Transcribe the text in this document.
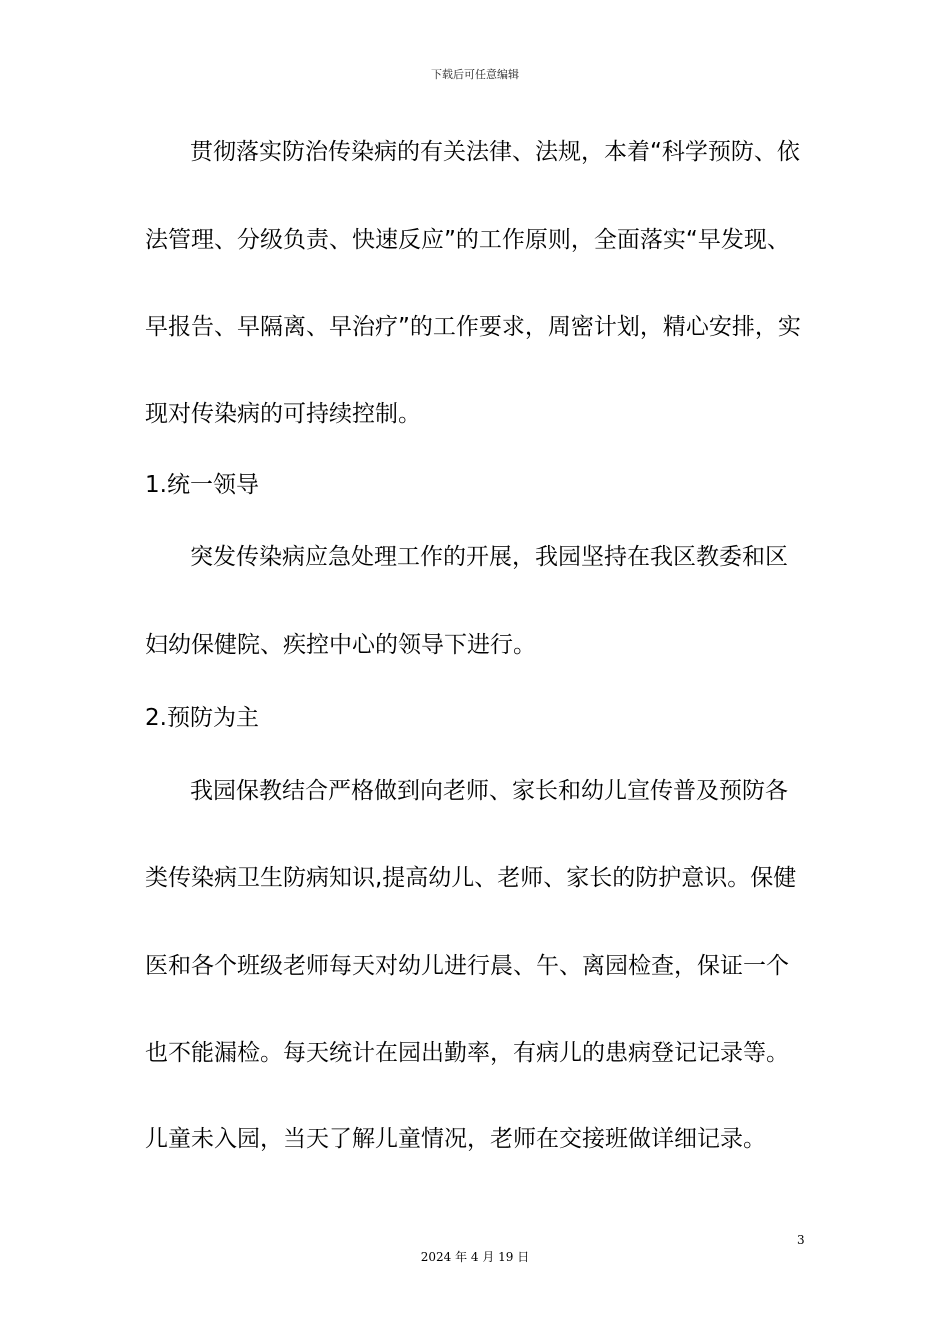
下载后可任意编辑
贯彻落实防治传染病的有关法律、法规，本着“科学预防、依
法管理、分级负责、快速反应”的工作原则，全面落实“早发现、
早报告、早隔离、早治疗”的工作要求，周密计划，精心安排，实
现对传染病的可持续控制。
1.统一领导
突发传染病应急处理工作的开展，我园坚持在我区教委和区
妇幼保健院、疾控中心的领导下进行。
2.预防为主
我园保教结合严格做到向老师、家长和幼儿宣传普及预防各
类传染病卫生防病知识,提高幼儿、老师、家长的防护意识。保健
医和各个班级老师每天对幼儿进行晨、午、离园检查，保证一个
也不能漏检。每天统计在园出勤率，有病儿的患病登记记录等。
儿童未入园，当天了解儿童情况，老师在交接班做详细记录。
3
2024 年 4 月 19 日
